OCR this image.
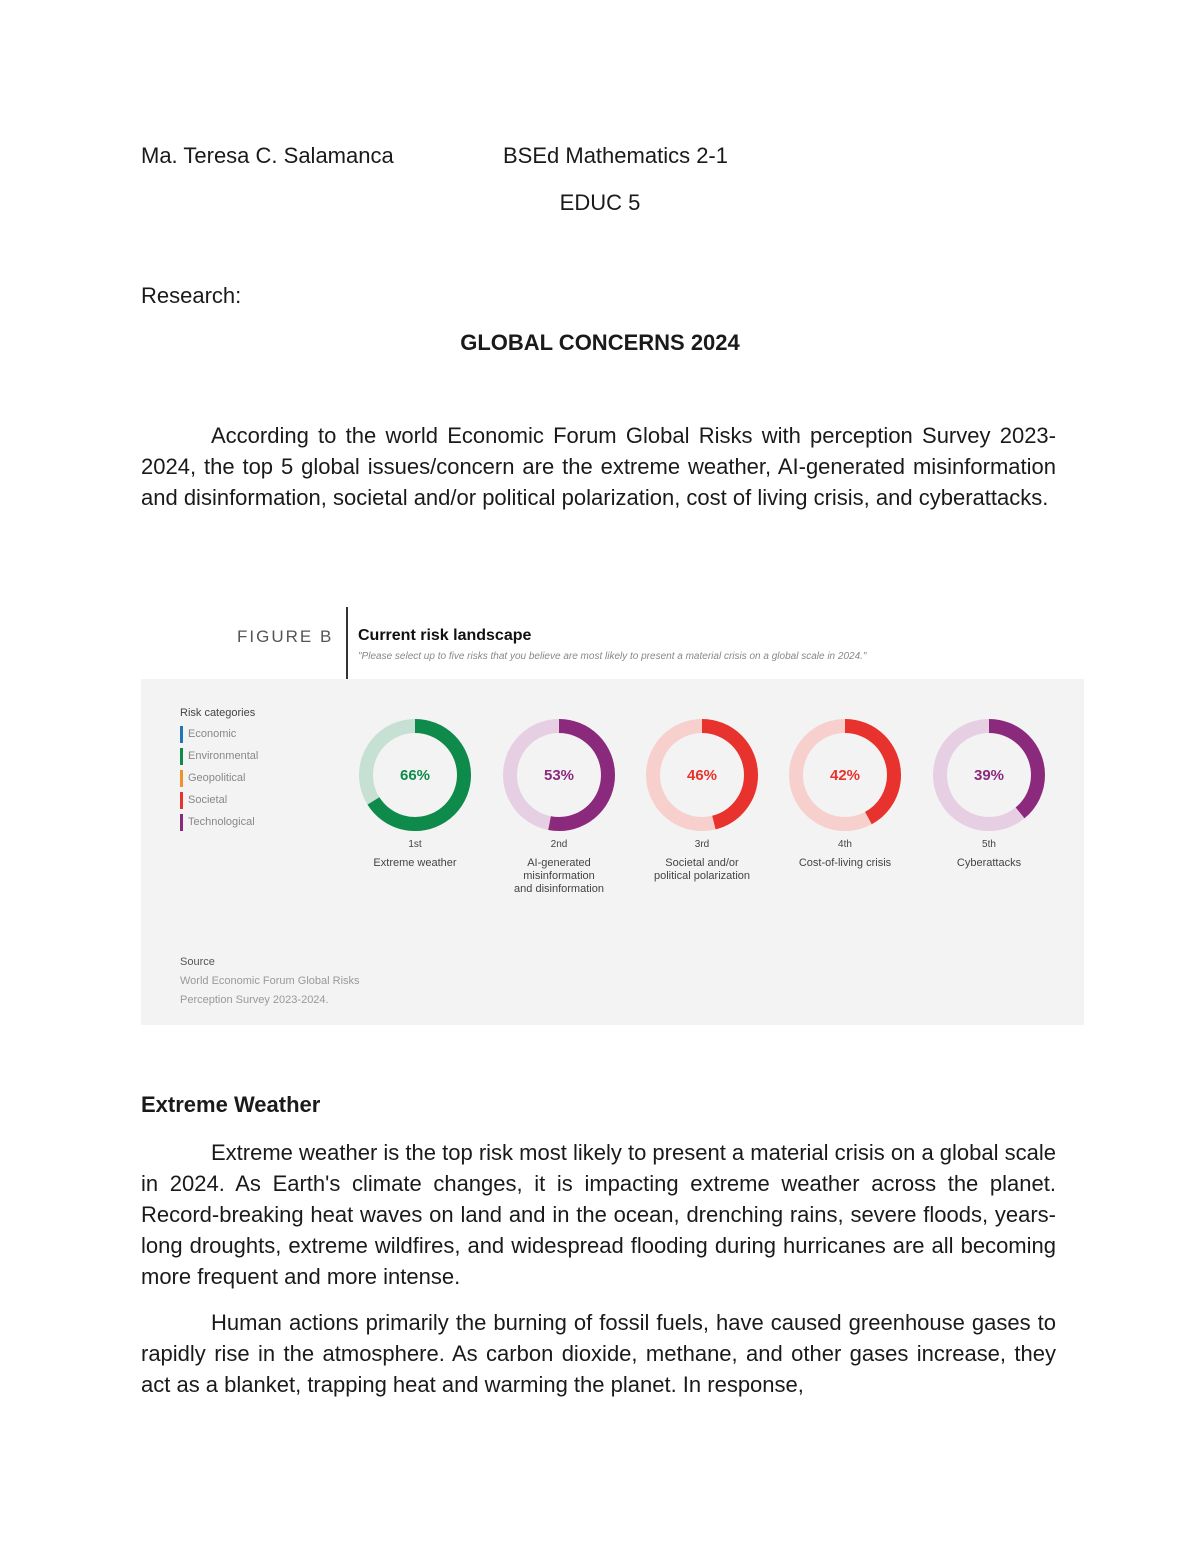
Ma. Teresa C. Salamanca	BSEd Mathematics 2-1
EDUC 5
Research:
GLOBAL CONCERNS 2024
According to the world Economic Forum Global Risks with perception Survey 2023-2024, the top 5 global issues/concern are the extreme weather, AI-generated misinformation and disinformation, societal and/or political polarization, cost of living crisis, and cyberattacks.
FIGURE B Current risk landscape
"Please select up to five risks that you believe are most likely to present a material crisis on a global scale in 2024."
Risk categories
Economic
Environmental
Geopolitical
Societal
Technological
66%
1st
Extreme weather
53%
2nd
AI-generated
misinformation
and disinformation
46%
3rd
Societal and/or
political polarization
42%
4th
Cost-of-living crisis
39%
5th
Cyberattacks
Source
World Economic Forum Global Risks
Perception Survey 2023-2024.
Extreme Weather
Extreme weather is the top risk most likely to present a material crisis on a global scale in 2024. As Earth's climate changes, it is impacting extreme weather across the planet. Record-breaking heat waves on land and in the ocean, drenching rains, severe floods, years-long droughts, extreme wildfires, and widespread flooding during hurricanes are all becoming more frequent and more intense.
Human actions primarily the burning of fossil fuels, have caused greenhouse gases to rapidly rise in the atmosphere. As carbon dioxide, methane, and other gases increase, they act as a blanket, trapping heat and warming the planet. In response,
